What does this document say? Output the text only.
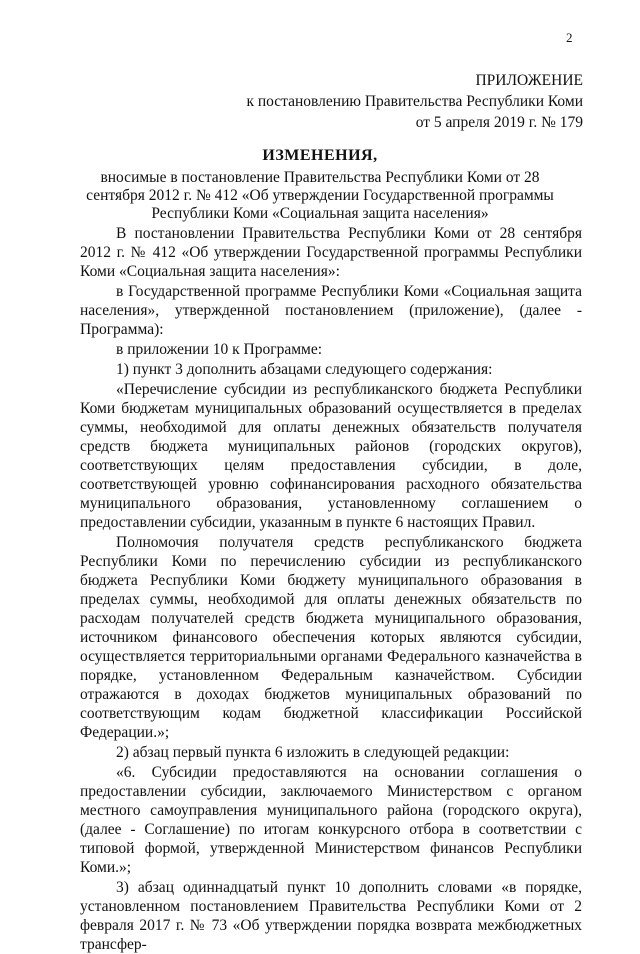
2
ПРИЛОЖЕНИЕ
к постановлению Правительства Республики Коми
от 5 апреля 2019 г. № 179
ИЗМЕНЕНИЯ,
вносимые в постановление Правительства Республики Коми от 28 сентября 2012 г. № 412 «Об утверждении Государственной программы Республики Коми «Социальная защита населения»

В постановлении Правительства Республики Коми от 28 сентября 2012 г. № 412 «Об утверждении Государственной программы Республики Коми «Социальная защита населения»:

в Государственной программе Республики Коми «Социальная защита населения», утвержденной постановлением (приложение), (далее - Программа):

в приложении 10 к Программе:

1) пункт 3 дополнить абзацами следующего содержания:

«Перечисление субсидии из республиканского бюджета Республики Коми бюджетам муниципальных образований осуществляется в пределах суммы, необходимой для оплаты денежных обязательств получателя средств бюджета муниципальных районов (городских округов), соответствующих целям предоставления субсидии, в доле, соответствующей уровню софинансирования расходного обязательства муниципального образования, установленному соглашением о предоставлении субсидии, указанным в пункте 6 настоящих Правил.

Полномочия получателя средств республиканского бюджета Республики Коми по перечислению субсидии из республиканского бюджета Республики Коми бюджету муниципального образования в пределах суммы, необходимой для оплаты денежных обязательств по расходам получателей средств бюджета муниципального образования, источником финансового обеспечения которых являются субсидии, осуществляется территориальными органами Федерального казначейства в порядке, установленном Федеральным казначейством. Субсидии отражаются в доходах бюджетов муниципальных образований по соответствующим кодам бюджетной классификации Российской Федерации.»;

2) абзац первый пункта 6 изложить в следующей редакции:

«6. Субсидии предоставляются на основании соглашения о предоставлении субсидии, заключаемого Министерством с органом местного самоуправления муниципального района (городского округа), (далее - Соглашение) по итогам конкурсного отбора в соответствии с типовой формой, утвержденной Министерством финансов Республики Коми.»;

3) абзац одиннадцатый пункт 10 дополнить словами «в порядке, установленном постановлением Правительства Республики Коми от 2 февраля 2017 г. № 73 «Об утверждении порядка возврата межбюджетных трансфер-
